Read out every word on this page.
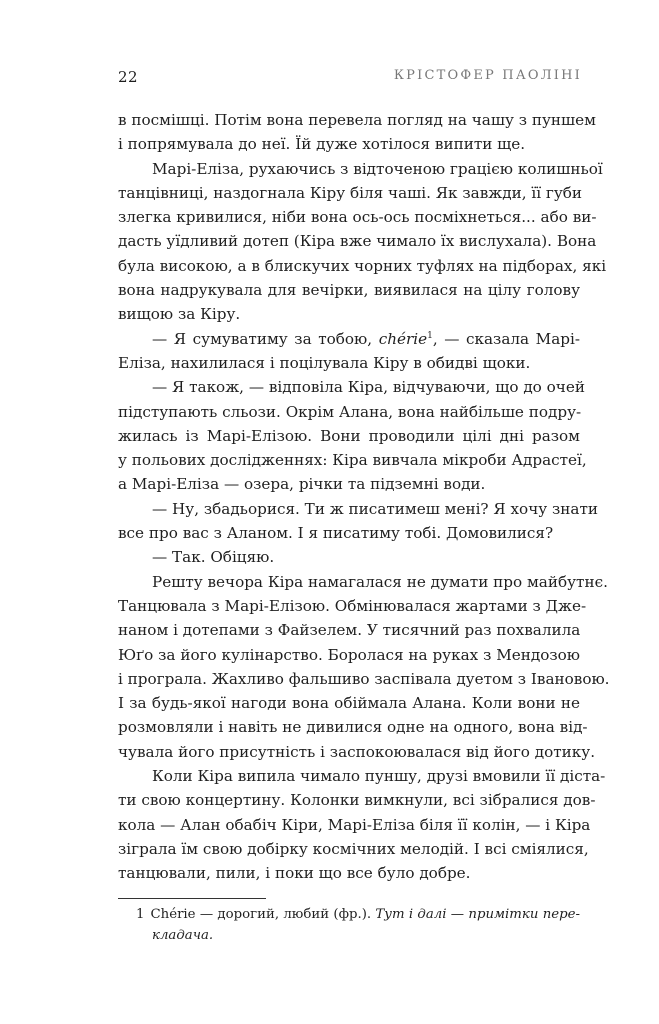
22	КРІСТОФЕР ПАОЛІНІ
в посмішці. Потім вона перевела погляд на чашу з пуншем
і попрямувала до неї. Їй дуже хотілося випити ще.
Марі-Еліза, рухаючись з відточеною грацією колишньої
танцівниці, наздогнала Кіру біля чаші. Як завжди, її губи
злегка кривилися, ніби вона ось-ось посміхнеться... або ви-
дасть уїдливий дотеп (Кіра вже чимало їх вислухала). Вона
була високою, а в блискучих чорних туфлях на підборах, які
вона надрукувала для вечірки, виявилася на цілу голову
вищою за Кіру.
— Я сумуватиму за тобою, chérie$^1$, — сказала Марі-
Еліза, нахилилася і поцілувала Кіру в обидві щоки.
— Я також, — відповіла Кіра, відчуваючи, що до очей
підступають сльози. Окрім Алана, вона найбільше подру-
жилась із Марі-Елізою. Вони проводили цілі дні разом
у польових дослідженнях: Кіра вивчала мікроби Адрастеї,
а Марі-Еліза — озера, річки та підземні води.
— Ну, збадьорися. Ти ж писатимеш мені? Я хочу знати
все про вас з Аланом. І я писатиму тобі. Домовилися?
— Так. Обіцяю.
Решту вечора Кіра намагалася не думати про майбутнє.
Танцювала з Марі-Елізою. Обмінювалася жартами з Дже-
наном і дотепами з Файзелем. У тисячний раз похвалила
Юґо за його кулінарство. Боролася на руках з Мендозою
і програла. Жахливо фальшиво заспівала дуетом з Івановою.
І за будь-якої нагоди вона обіймала Алана. Коли вони не
розмовляли і навіть не дивилися одне на одного, вона від-
чувала його присутність і заспокоювалася від його дотику.
Коли Кіра випила чимало пуншу, друзі вмовили її діста-
ти свою концертину. Колонки вимкнули, всі зібралися дов-
кола — Алан обабіч Кіри, Марі-Еліза біля її колін, — і Кіра
зіграла їм свою добірку космічних мелодій. І всі сміялися,
танцювали, пили, і поки що все було добре.
1 Chérie — дорогий, любий (фр.). Тут і далі — примітки пере-
кладача.
